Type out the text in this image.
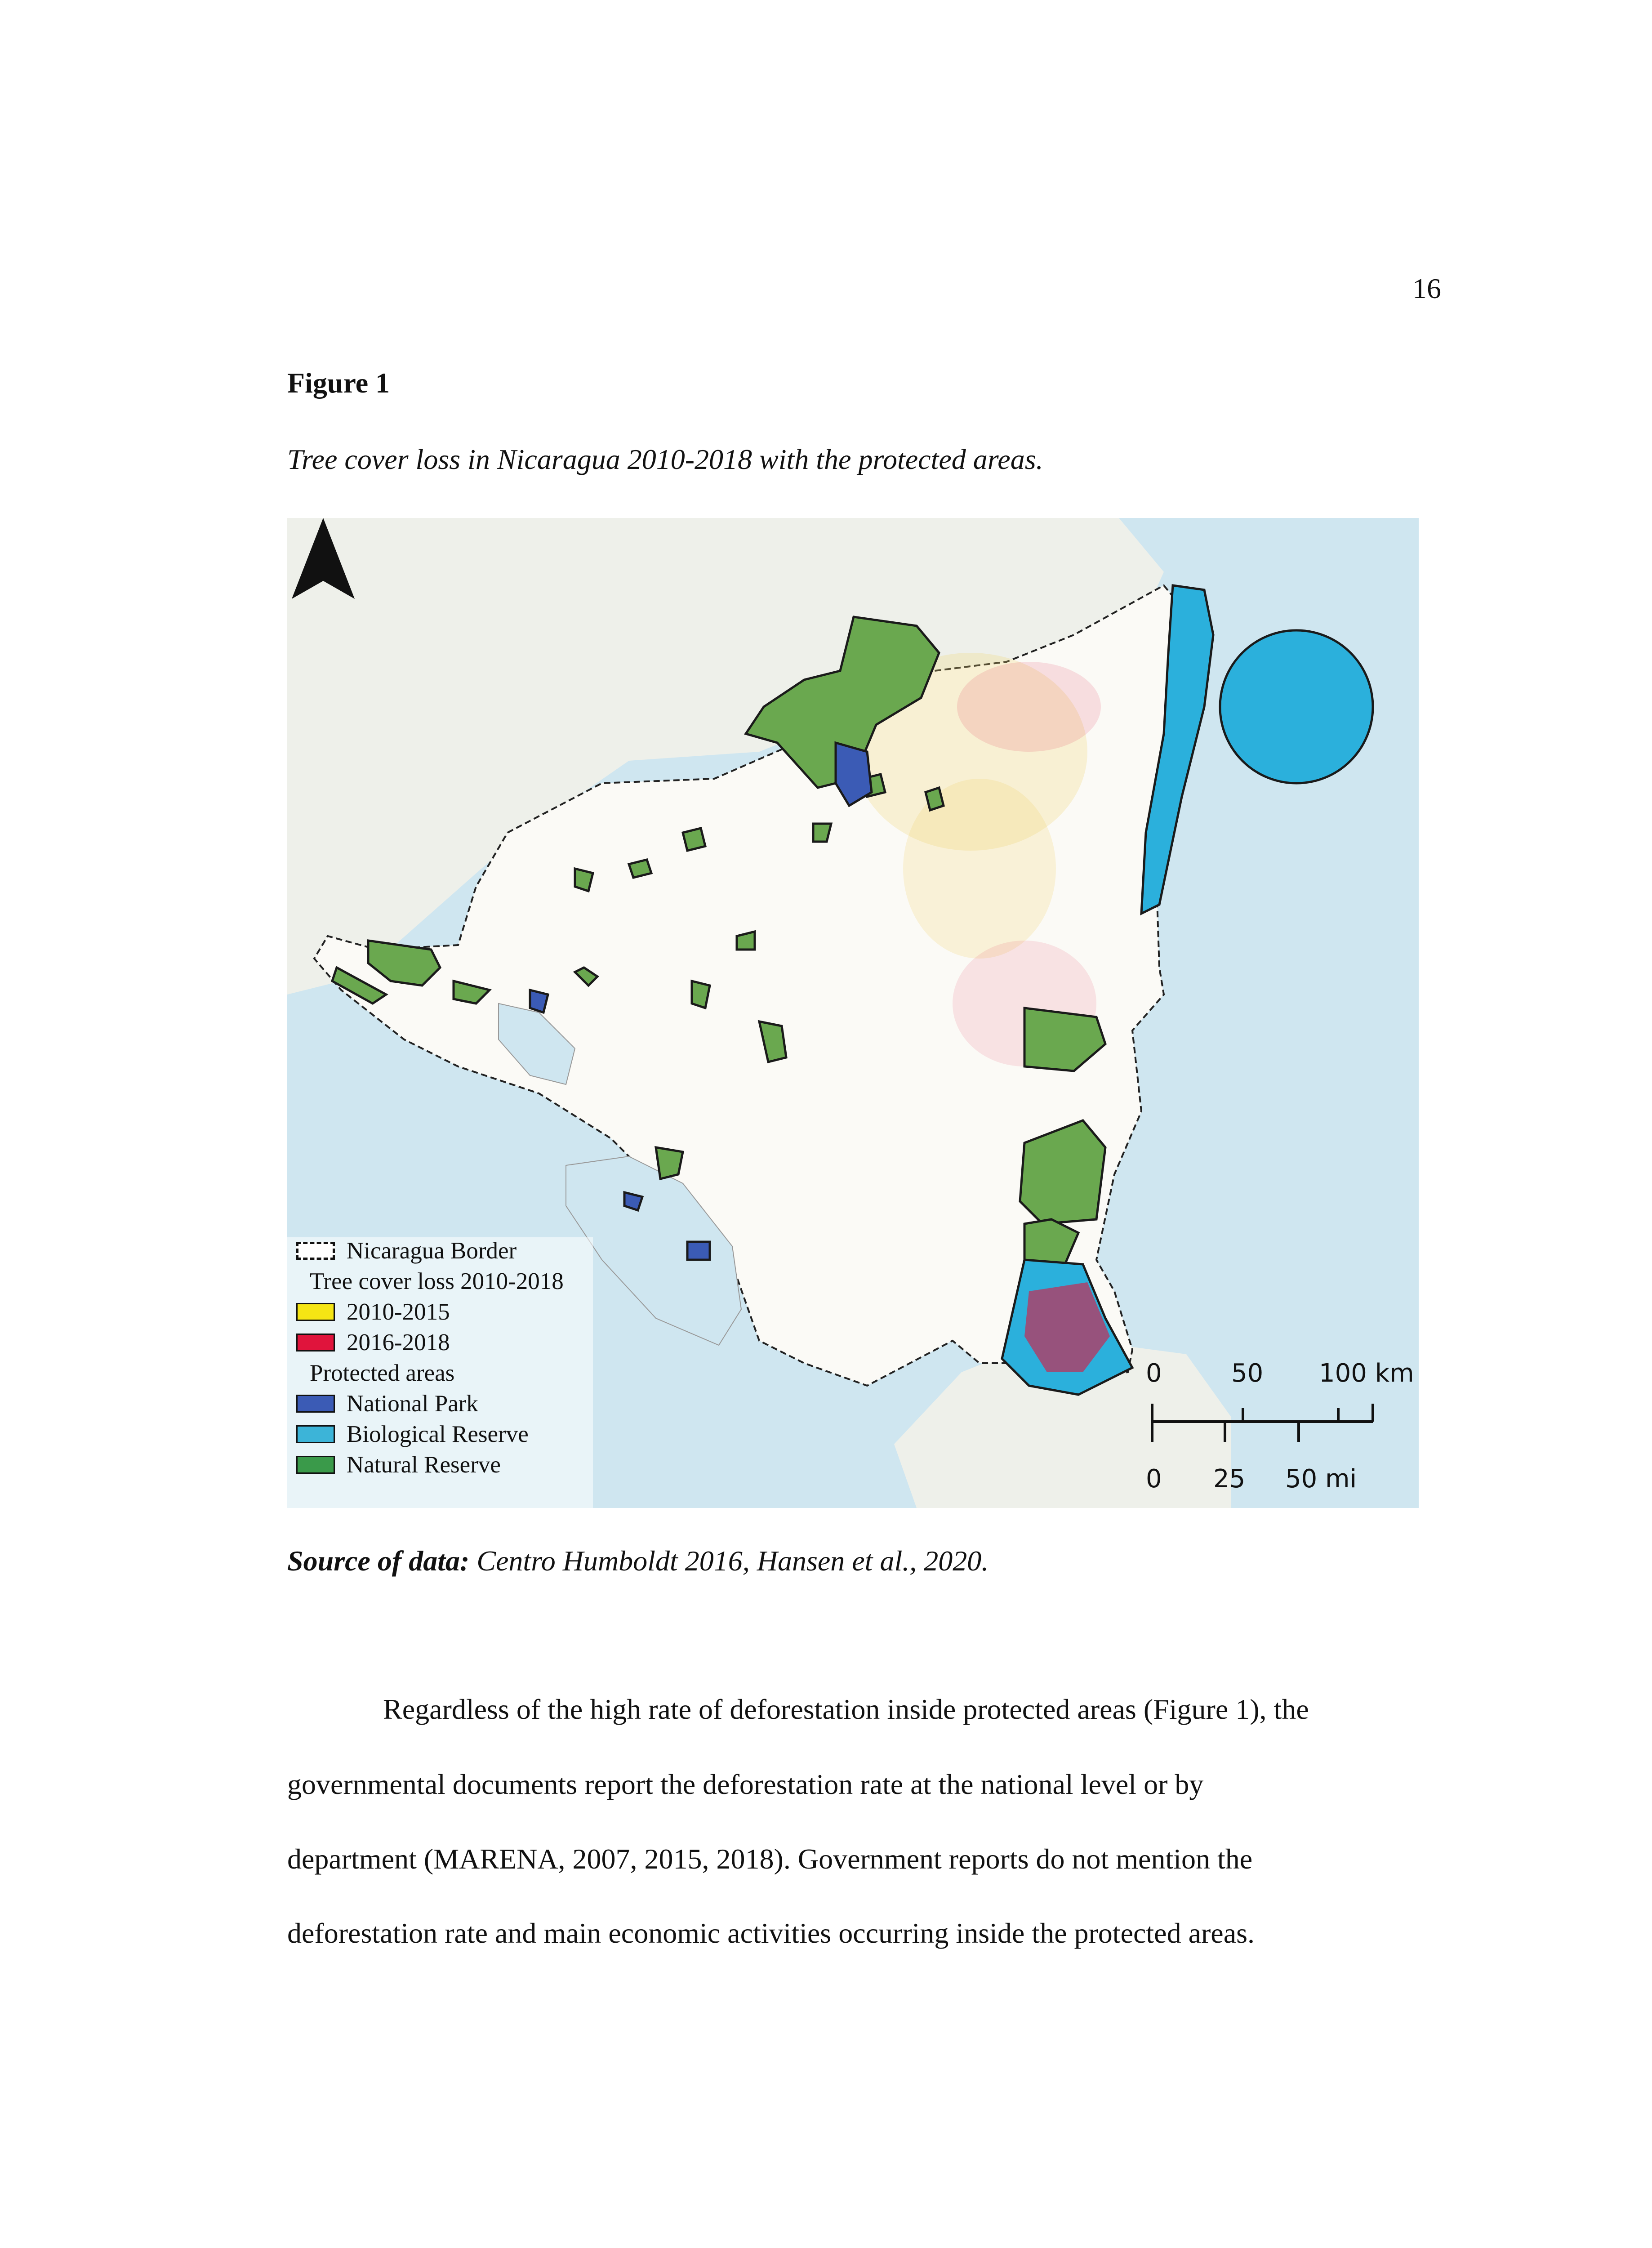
16
Figure 1
Tree cover loss in Nicaragua 2010-2018 with the protected areas.
Nicaragua Border
Tree cover loss 2010-2018
2010-2015
2016-2018
Protected areas
National Park
Biological Reserve
Natural Reserve
0	50 100 km
0 25 50 mi
Source of data: Centro Humboldt 2016, Hansen et al., 2020.
Regardless of the high rate of deforestation inside protected areas (Figure 1), the
governmental documents report the deforestation rate at the national level or by
department (MARENA, 2007, 2015, 2018). Government reports do not mention the
deforestation rate and main economic activities occurring inside the protected areas.
